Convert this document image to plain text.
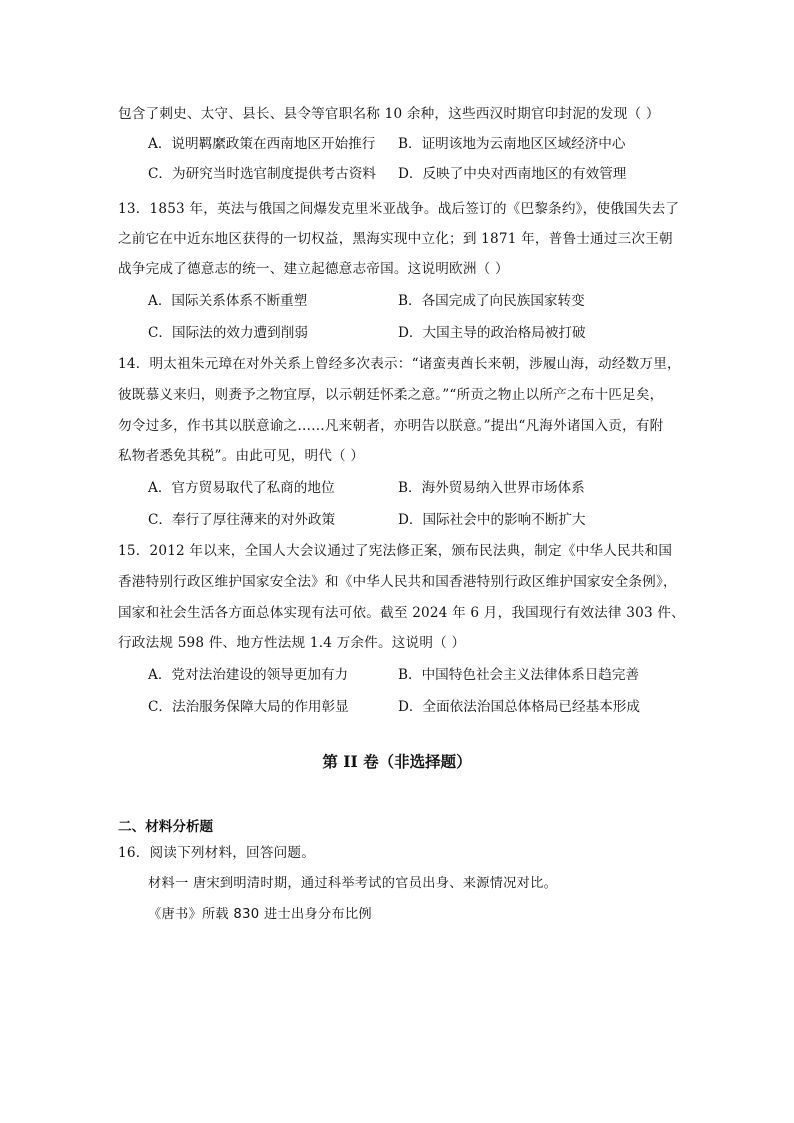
包含了刺史、太守、县长、县令等官职名称 10 余种，这些西汉时期官印封泥的发现（ ）
A．说明羁縻政策在西南地区开始推行 B．证明该地为云南地区区域经济中心
C．为研究当时选官制度提供考古资料 D．反映了中央对西南地区的有效管理
13．1853 年，英法与俄国之间爆发克里米亚战争。战后签订的《巴黎条约》，使俄国失去了
之前它在中近东地区获得的一切权益，黑海实现中立化；到 1871 年，普鲁士通过三次王朝
战争完成了德意志的统一、建立起德意志帝国。这说明欧洲（ ）
A．国际关系体系不断重塑	B．各国完成了向民族国家转变
C．国际法的效力遭到削弱	D．大国主导的政治格局被打破
14．明太祖朱元璋在对外关系上曾经多次表示：“诸蛮夷酋长来朝，涉履山海，动经数万里，
彼既慕义来归，则赉予之物宜厚，以示朝廷怀柔之意。”“所贡之物止以所产之布十匹足矣，
勿令过多，作书其以朕意谕之……凡来朝者，亦明告以朕意。”提出“凡海外诸国入贡，有附
私物者悉免其税”。由此可见，明代（ ）
A．官方贸易取代了私商的地位	B．海外贸易纳入世界市场体系
C．奉行了厚往薄来的对外政策	D．国际社会中的影响不断扩大
15．2012 年以来，全国人大会议通过了宪法修正案，颁布民法典，制定《中华人民共和国
香港特别行政区维护国家安全法》和《中华人民共和国香港特别行政区维护国家安全条例》，
国家和社会生活各方面总体实现有法可依。截至 2024 年 6 月，我国现行有效法律 303 件、
行政法规 598 件、地方性法规 1.4 万余件。这说明（ ）
A．党对法治建设的领导更加有力	B．中国特色社会主义法律体系日趋完善
C．法治服务保障大局的作用彰显	D．全面依法治国总体格局已经基本形成
第 II 卷（非选择题）
二、材料分析题
16．阅读下列材料，回答问题。
材料一 唐宋到明清时期，通过科举考试的官员出身、来源情况对比。
《唐书》所载 830 进士出身分布比例
